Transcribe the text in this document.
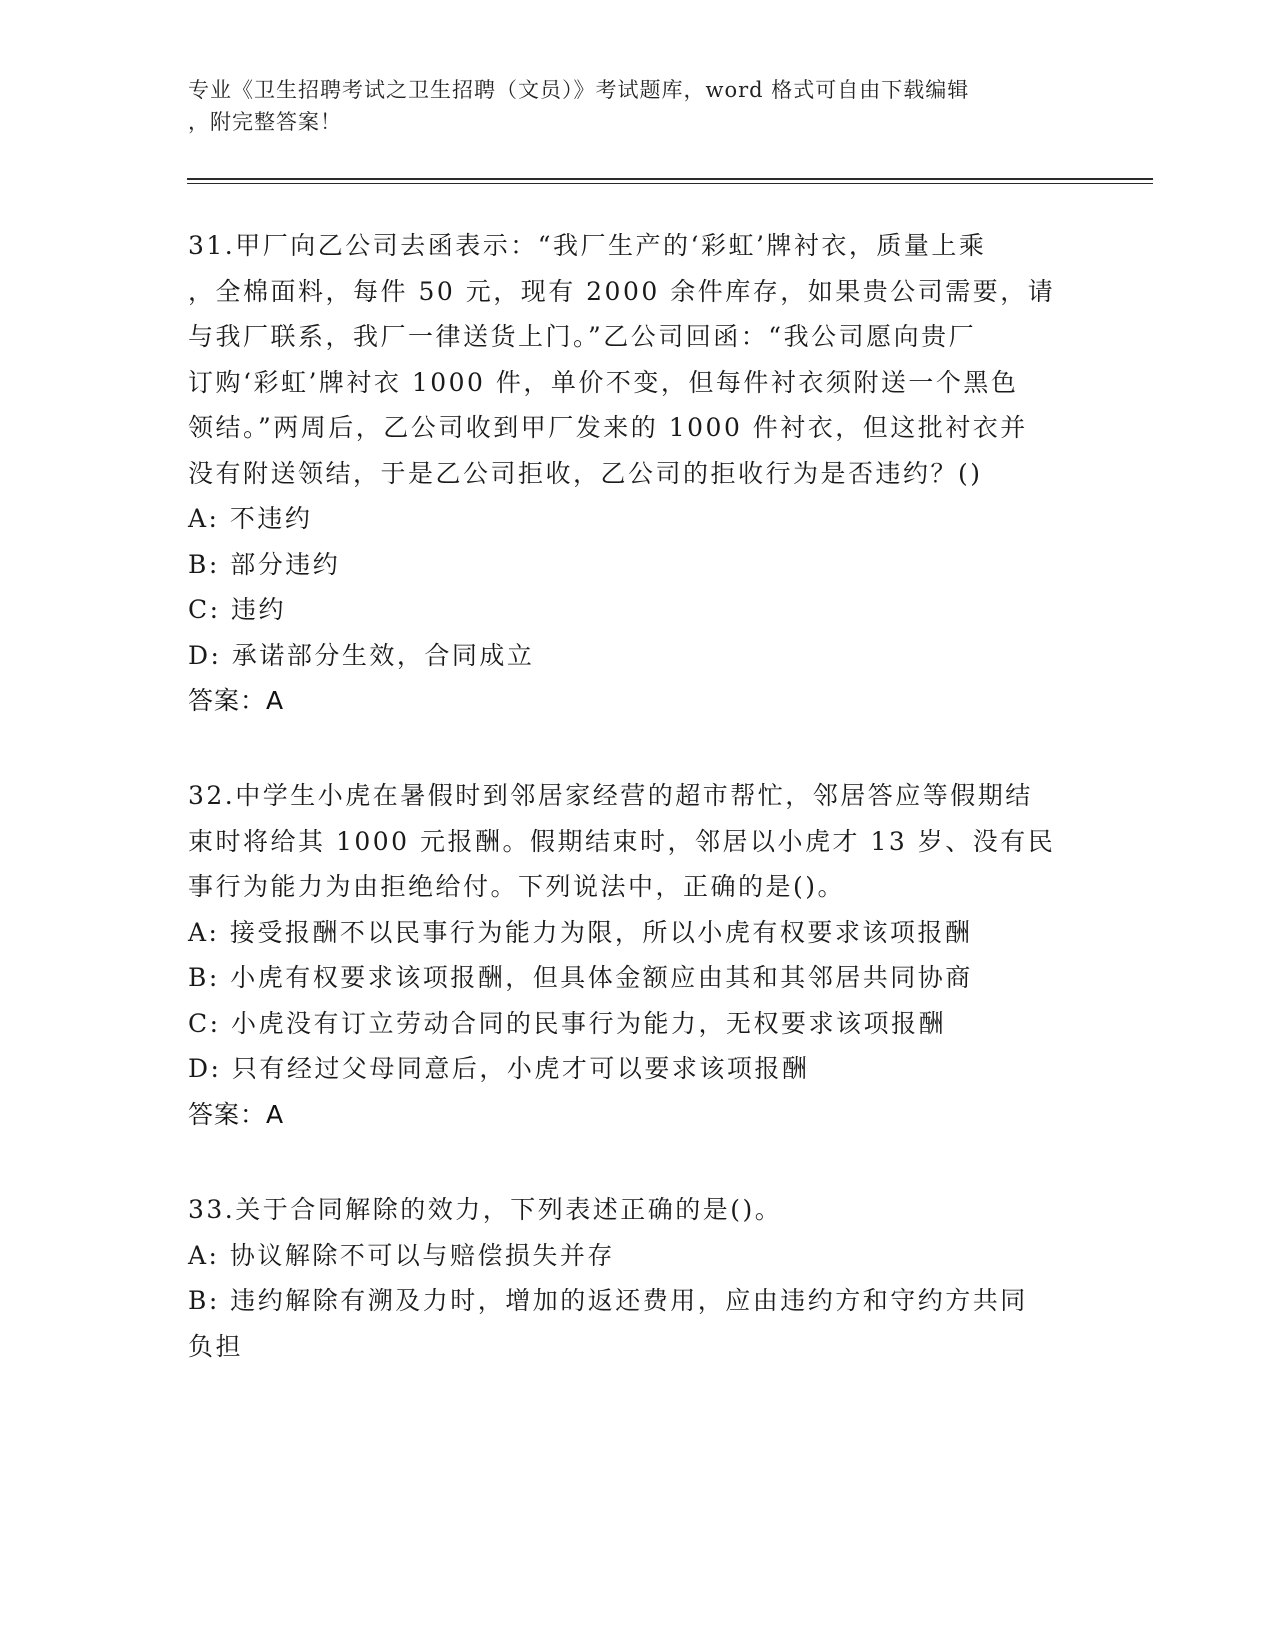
专业《卫生招聘考试之卫生招聘（文员）》考试题库，word 格式可自由下载编辑
，附完整答案！
31.甲厂向乙公司去函表示：“我厂生产的‘彩虹’牌衬衣，质量上乘
，全棉面料，每件 50 元，现有 2000 余件库存，如果贵公司需要，请
与我厂联系，我厂一律送货上门。”乙公司回函：“我公司愿向贵厂
订购‘彩虹’牌衬衣 1000 件，单价不变，但每件衬衣须附送一个黑色
领结。”两周后，乙公司收到甲厂发来的 1000 件衬衣，但这批衬衣并
没有附送领结，于是乙公司拒收，乙公司的拒收行为是否违约？()
A: 不违约
B: 部分违约
C: 违约
D: 承诺部分生效，合同成立
答案：A
32.中学生小虎在暑假时到邻居家经营的超市帮忙，邻居答应等假期结
束时将给其 1000 元报酬。假期结束时，邻居以小虎才 13 岁、没有民
事行为能力为由拒绝给付。下列说法中，正确的是()。
A: 接受报酬不以民事行为能力为限，所以小虎有权要求该项报酬
B: 小虎有权要求该项报酬，但具体金额应由其和其邻居共同协商
C: 小虎没有订立劳动合同的民事行为能力，无权要求该项报酬
D: 只有经过父母同意后，小虎才可以要求该项报酬
答案：A
33.关于合同解除的效力，下列表述正确的是()。
A: 协议解除不可以与赔偿损失并存
B: 违约解除有溯及力时，增加的返还费用，应由违约方和守约方共同
负担
